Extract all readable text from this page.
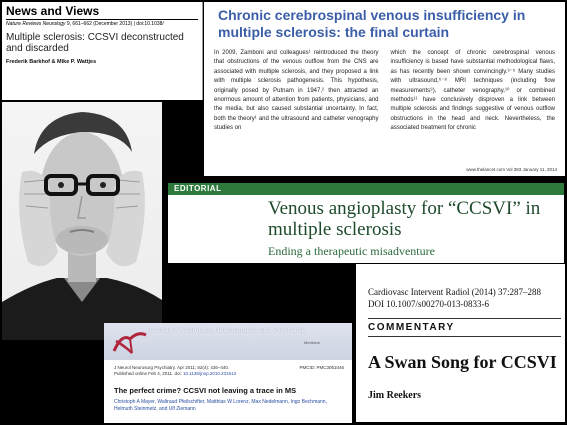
News and Views
Nature Reviews Neurology 9, 661–662 (December 2013) | doi:10.1038/
Multiple sclerosis: CCSVI deconstructed and discarded
Frederik Barkhof & Mike P. Wattjes
Chronic cerebrospinal venous insufficiency in multiple sclerosis: the final curtain
In 2009, Zamboni and colleagues¹ reintroduced the theory that obstructions of the venous outflow from the CNS are associated with multiple sclerosis, and they proposed a link with multiple sclerosis pathogenesis. This hypothesis, originally posed by Putnam in 1947,² then attracted an enormous amount of attention from patients, physicians, and the media, but also caused substantial uncertainty. In fact, both the theory¹ and the ultrasound and catheter venography studies on
which the concept of chronic cerebrospinal venous insufficiency is based have substantial methodological flaws, as has recently been shown convincingly.³⁻⁵ Many studies with ultrasound,⁶⁻⁸ MRI techniques (including flow measurements⁹), catheter venography,¹⁰ or combined methods¹¹ have conclusively disproven a link between multiple sclerosis and findings suggestive of venous outflow obstructions in the head and neck. Nevertheless, the associated treatment for chronic
www.thelancet.com Vol 383 January 11, 2014
EDITORIAL
Venous angioplasty for “CCSVI” in multiple sclerosis
Ending a therapeutic misadventure
Cardiovasc Intervent Radiol (2014) 37:287–288
DOI 10.1007/s00270-013-0833-6
COMMENTARY
A Swan Song for CCSVI
Jim Reekers
Journal of Neurology, Neurosurgery, and Psychiatry
Medicine
J Neurol Neurosurg Psychiatry. Apr 2011; 82(4): 436–440.	PMCID: PMC3061046
Published online Feb 4, 2011. doi: 10.1136/jnnp.2010.231613
The perfect crime? CCSVI not leaving a trace in MS
Christoph A Mayer, Waltraud Pfeilschifter, Matthias W Lorenz, Max Nedelmann, Ingo Bechmann, Helmuth Steinmetz, and Ulf Ziemann
